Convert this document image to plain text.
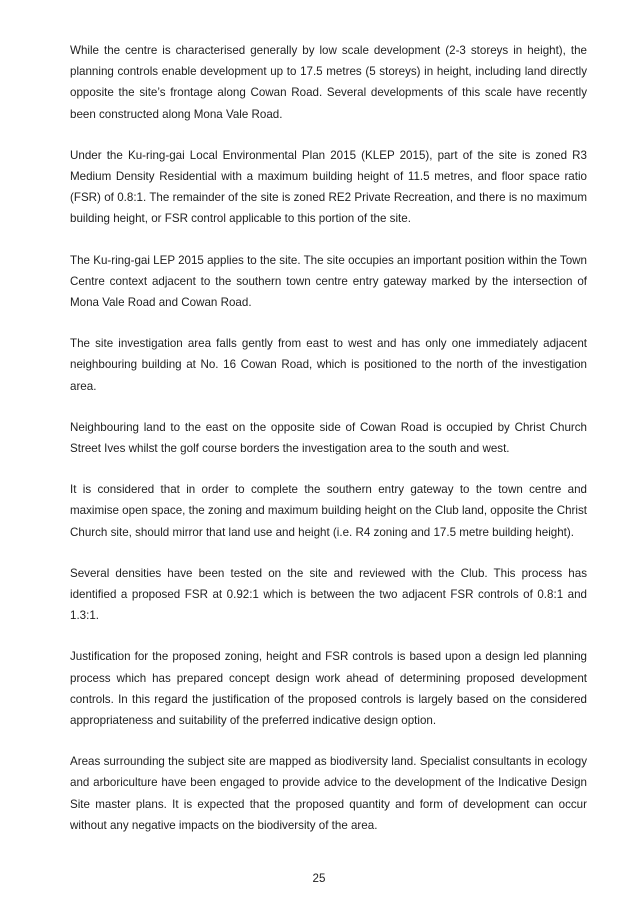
While the centre is characterised generally by low scale development (2-3 storeys in height), the planning controls enable development up to 17.5 metres (5 storeys) in height, including land directly opposite the site’s frontage along Cowan Road. Several developments of this scale have recently been constructed along Mona Vale Road.

Under the Ku-ring-gai Local Environmental Plan 2015 (KLEP 2015), part of the site is zoned R3 Medium Density Residential with a maximum building height of 11.5 metres, and floor space ratio (FSR) of 0.8:1. The remainder of the site is zoned RE2 Private Recreation, and there is no maximum building height, or FSR control applicable to this portion of the site.

The Ku-ring-gai LEP 2015 applies to the site. The site occupies an important position within the Town Centre context adjacent to the southern town centre entry gateway marked by the intersection of Mona Vale Road and Cowan Road.

The site investigation area falls gently from east to west and has only one immediately adjacent neighbouring building at No. 16 Cowan Road, which is positioned to the north of the investigation area.

Neighbouring land to the east on the opposite side of Cowan Road is occupied by Christ Church Street Ives whilst the golf course borders the investigation area to the south and west.

It is considered that in order to complete the southern entry gateway to the town centre and maximise open space, the zoning and maximum building height on the Club land, opposite the Christ Church site, should mirror that land use and height (i.e. R4 zoning and 17.5 metre building height).

Several densities have been tested on the site and reviewed with the Club. This process has identified a proposed FSR at 0.92:1 which is between the two adjacent FSR controls of 0.8:1 and 1.3:1.

Justification for the proposed zoning, height and FSR controls is based upon a design led planning process which has prepared concept design work ahead of determining proposed development controls. In this regard the justification of the proposed controls is largely based on the considered appropriateness and suitability of the preferred indicative design option.

Areas surrounding the subject site are mapped as biodiversity land. Specialist consultants in ecology and arboriculture have been engaged to provide advice to the development of the Indicative Design Site master plans. It is expected that the proposed quantity and form of development can occur without any negative impacts on the biodiversity of the area.

25
